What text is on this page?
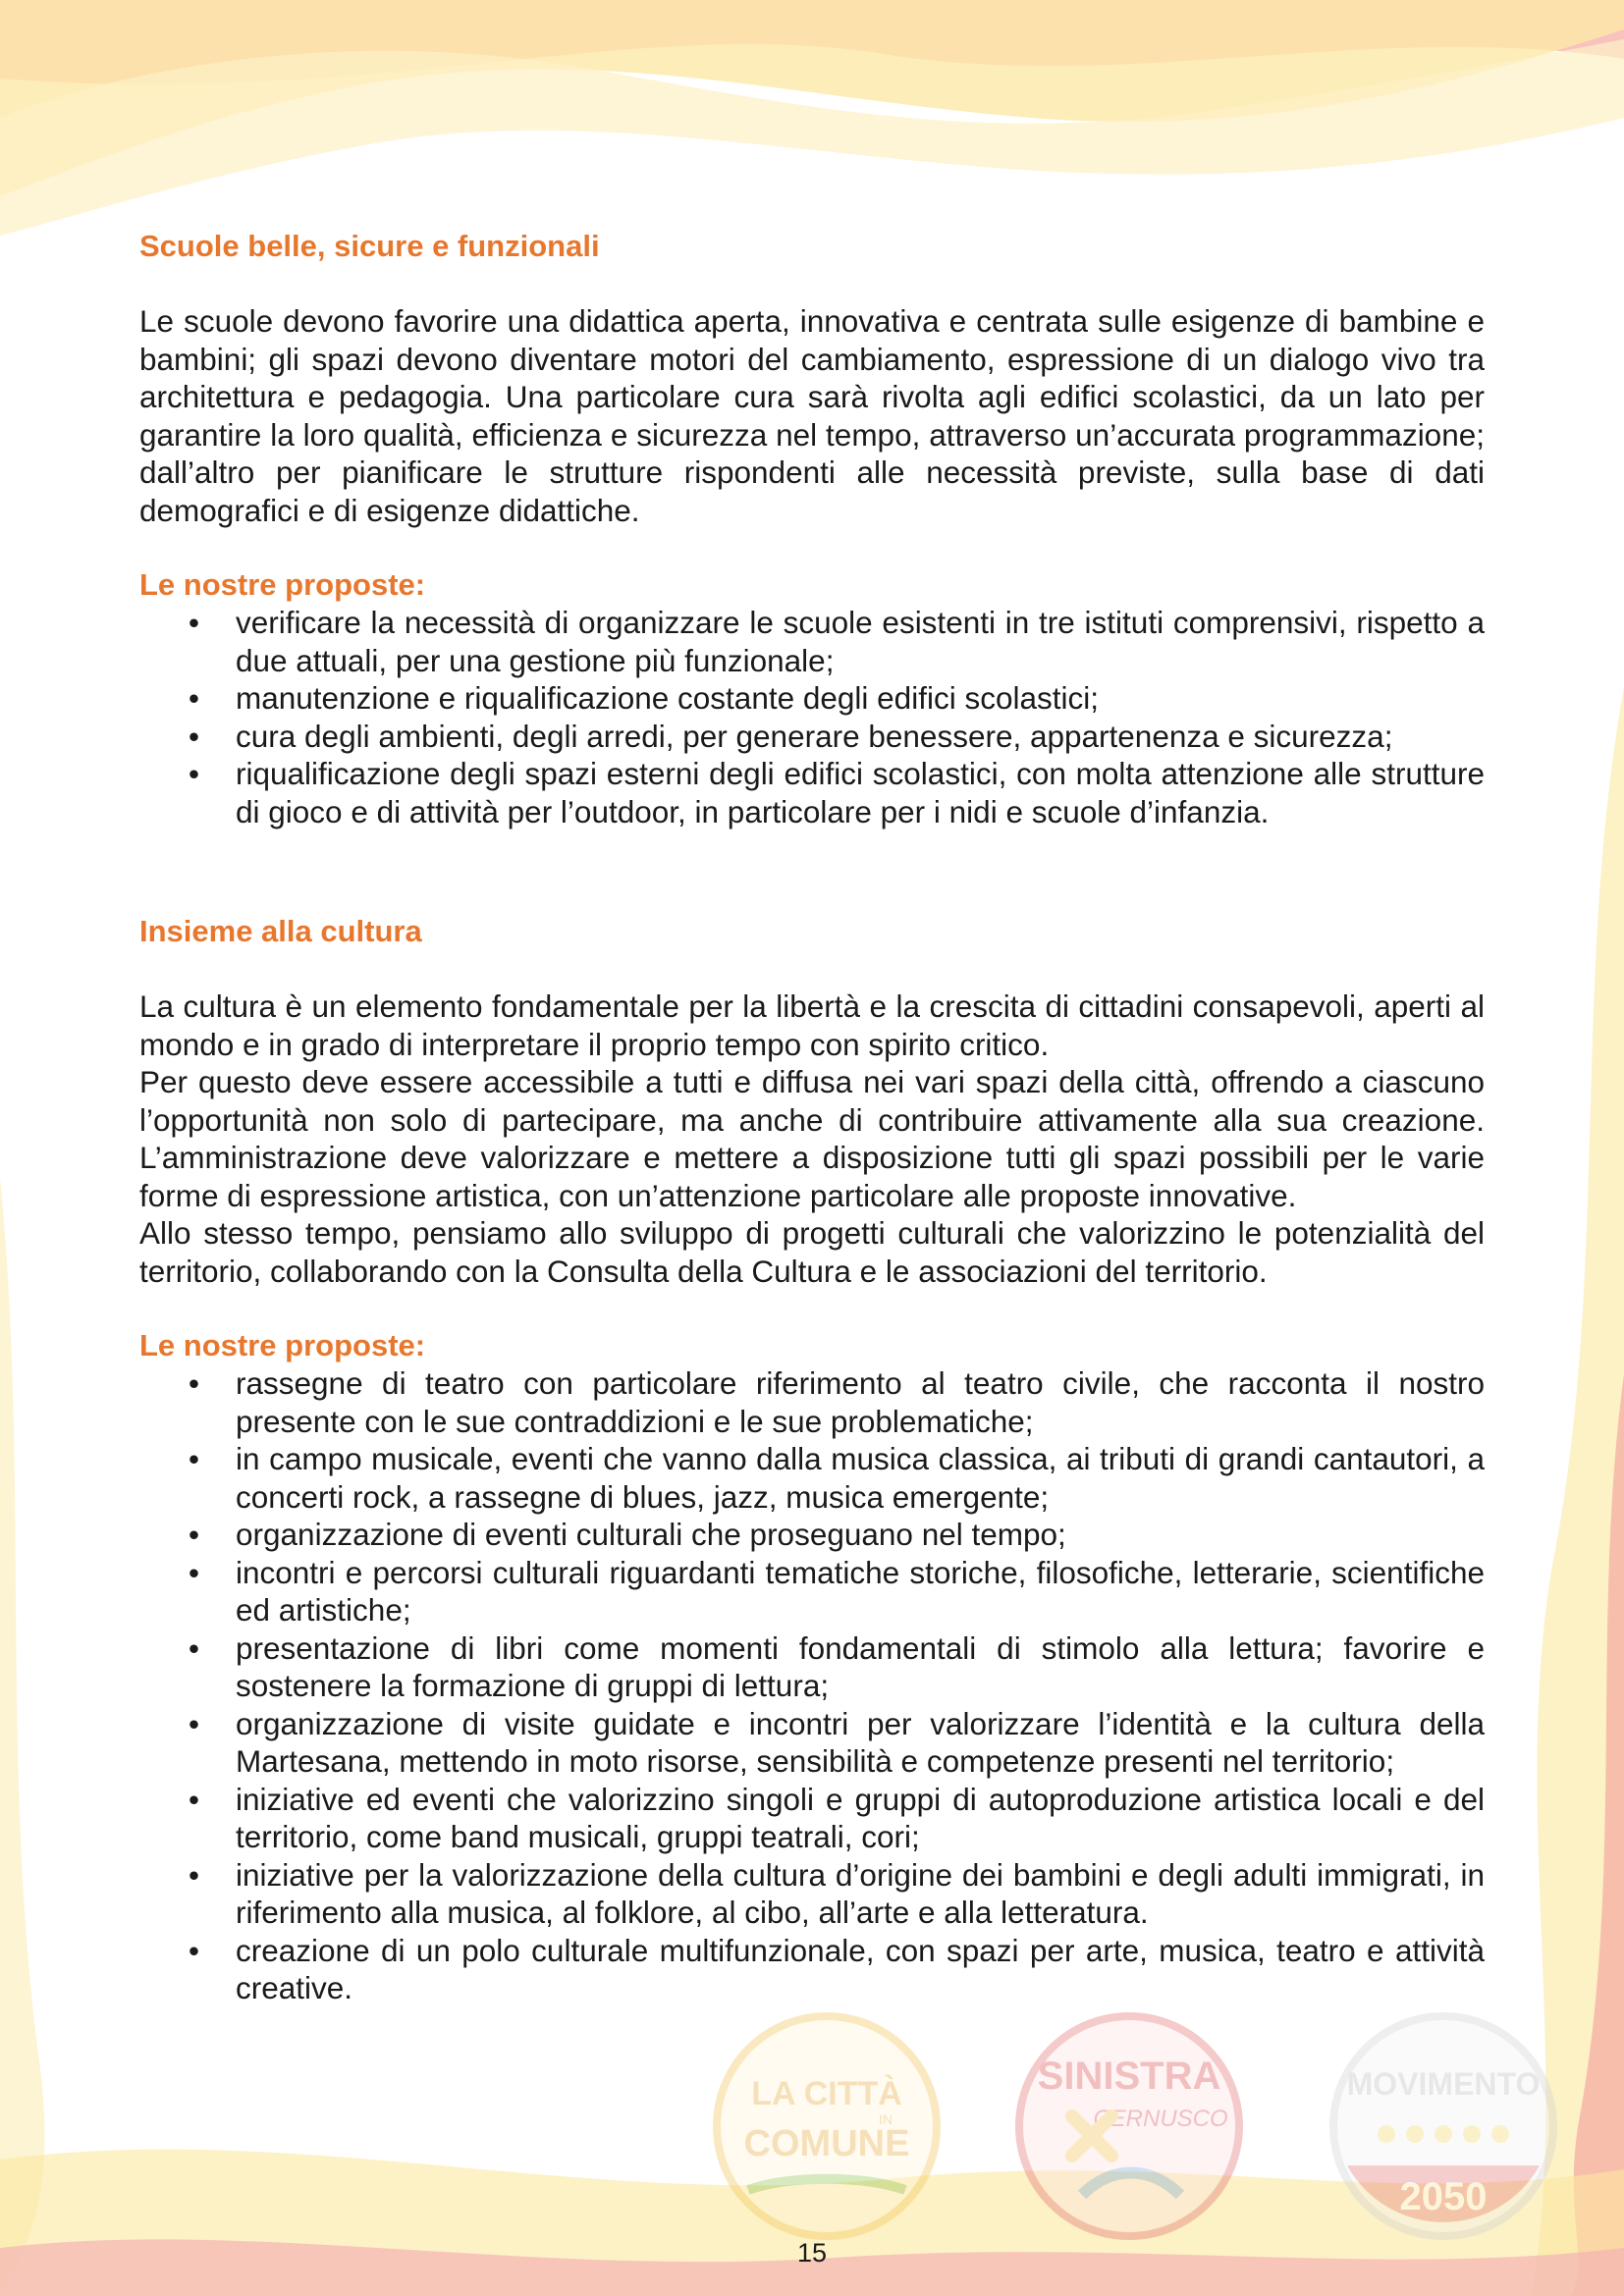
LA CITTÀ
IN
COMUNE
SINISTRA
CERNUSCO
MOVIMENTO
2050
Scuole belle, sicure e funzionali

Le scuole devono favorire una didattica aperta, innovativa e centrata sulle esigenze di bambine e bambini; gli spazi devono diventare motori del cambiamento, espressione di un dialogo vivo tra architettura e pedagogia. Una particolare cura sarà rivolta agli edifici scolastici, da un lato per garantire la loro qualità, efficienza e sicurezza nel tempo, attraverso un’accurata programmazione; dall’altro per pianificare le strutture rispondenti alle necessità previste, sulla base di dati demografici e di esigenze didattiche.

Le nostre proposte:
• verificare la necessità di organizzare le scuole esistenti in tre istituti comprensivi, rispetto a due attuali, per una gestione più funzionale;
• manutenzione e riqualificazione costante degli edifici scolastici;
• cura degli ambienti, degli arredi, per generare benessere, appartenenza e sicurezza;
• riqualificazione degli spazi esterni degli edifici scolastici, con molta attenzione alle strutture di gioco e di attività per l’outdoor, in particolare per i nidi e scuole d’infanzia.
Insieme alla cultura

La cultura è un elemento fondamentale per la libertà e la crescita di cittadini consapevoli, aperti al mondo e in grado di interpretare il proprio tempo con spirito critico.

Per questo deve essere accessibile a tutti e diffusa nei vari spazi della città, offrendo a ciascuno l’opportunità non solo di partecipare, ma anche di contribuire attivamente alla sua creazione. L’amministrazione deve valorizzare e mettere a disposizione tutti gli spazi possibili per le varie forme di espressione artistica, con un’attenzione particolare alle proposte innovative.

Allo stesso tempo, pensiamo allo sviluppo di progetti culturali che valorizzino le potenzialità del territorio, collaborando con la Consulta della Cultura e le associazioni del territorio.

Le nostre proposte:
• rassegne di teatro con particolare riferimento al teatro civile, che racconta il nostro presente con le sue contraddizioni e le sue problematiche;
• in campo musicale, eventi che vanno dalla musica classica, ai tributi di grandi cantautori, a concerti rock, a rassegne di blues, jazz, musica emergente;
• organizzazione di eventi culturali che proseguano nel tempo;
• incontri e percorsi culturali riguardanti tematiche storiche, filosofiche, letterarie, scientifiche ed artistiche;
• presentazione di libri come momenti fondamentali di stimolo alla lettura; favorire e sostenere la formazione di gruppi di lettura;
• organizzazione di visite guidate e incontri per valorizzare l’identità e la cultura della Martesana, mettendo in moto risorse, sensibilità e competenze presenti nel territorio;
• iniziative ed eventi che valorizzino singoli e gruppi di autoproduzione artistica locali e del territorio, come band musicali, gruppi teatrali, cori;
• iniziative per la valorizzazione della cultura d’origine dei bambini e degli adulti immigrati, in riferimento alla musica, al folklore, al cibo, all’arte e alla letteratura.
• creazione di un polo culturale multifunzionale, con spazi per arte, musica, teatro e attività creative.
15
